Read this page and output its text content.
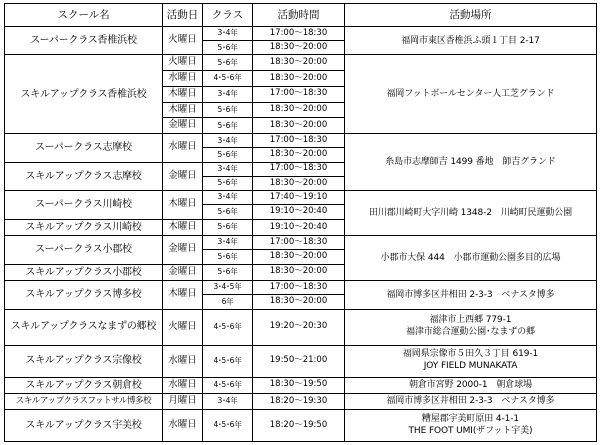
スクール名	活動日	クラス	活動時間	活動場所
スーパークラス香椎浜校	火曜日	3･4年	17:00～18:30	福岡市東区香椎浜ふ頭１丁目 2-17
		5･6年	18:30～20:00	
スキルアップクラス香椎浜校	火曜日	5･6年	18:30～20:00	福岡フットボールセンター人工芝グランド
	水曜日	4･5･6年	18:30～20:00	
	木曜日	3･4年	17:00～18:30	
	木曜日	5･6年	18:30～20:00	
	金曜日	5･6年	18:30～20:00	
スーパークラス志摩校	水曜日	3･4年	17:00～18:30	糸島市志摩師吉 1499 番地　師吉グランド
		5･6年	18:30～20:00	
スキルアップクラス志摩校	金曜日	3･4年	17:00～18:30	
		5･6年	18:30～20:00	
スーパークラス川崎校	木曜日	3･4年	17:40～19:10	田川郡川崎町大字川崎 1348-2　川崎町民運動公園
		5･6年	19:10～20:40	
スキルアップクラス川崎校	木曜日	5･6年	19:10～20:40	
スーパークラス小郡校	金曜日	3･4年	17:00～18:30	小郡市大保 444　小郡市運動公園多目的広場
		5･6年	18:30～20:00	
スキルアップクラス小郡校	金曜日	5･6年	18:30～20:00	
スキルアップクラス博多校	木曜日	3･4･5年	17:00～18:30	福岡市博多区井相田 2-3-3　ベナスタ博多
		6年	18:30～20:00	
スキルアップクラスなまずの郷校	火曜日	4･5･6年	19:20～20:30	福津市上西郷 779-1
福津市総合運動公園･なまずの郷

スキルアップクラス宗像校	水曜日	4･5･6年	19:50～21:00	福岡県宗像市５田久３丁目 619-1
JOY FIELD MUNAKATA

スキルアップクラス朝倉校	水曜日	4･5･6年	18:30～19:50	朝倉市宮野 2000-1　朝倉球場
スキルアップクラスフットサル博多校	月曜日	3･4年	18:20～19:30	福岡市博多区井相田 2-3-3　ベナスタ博多
スキルアップクラス宇美校	水曜日	4･5･6年	18:20～19:50	糟屋郡宇美町原田 4-1-1
THE FOOT UMI(ザフット宇美)
